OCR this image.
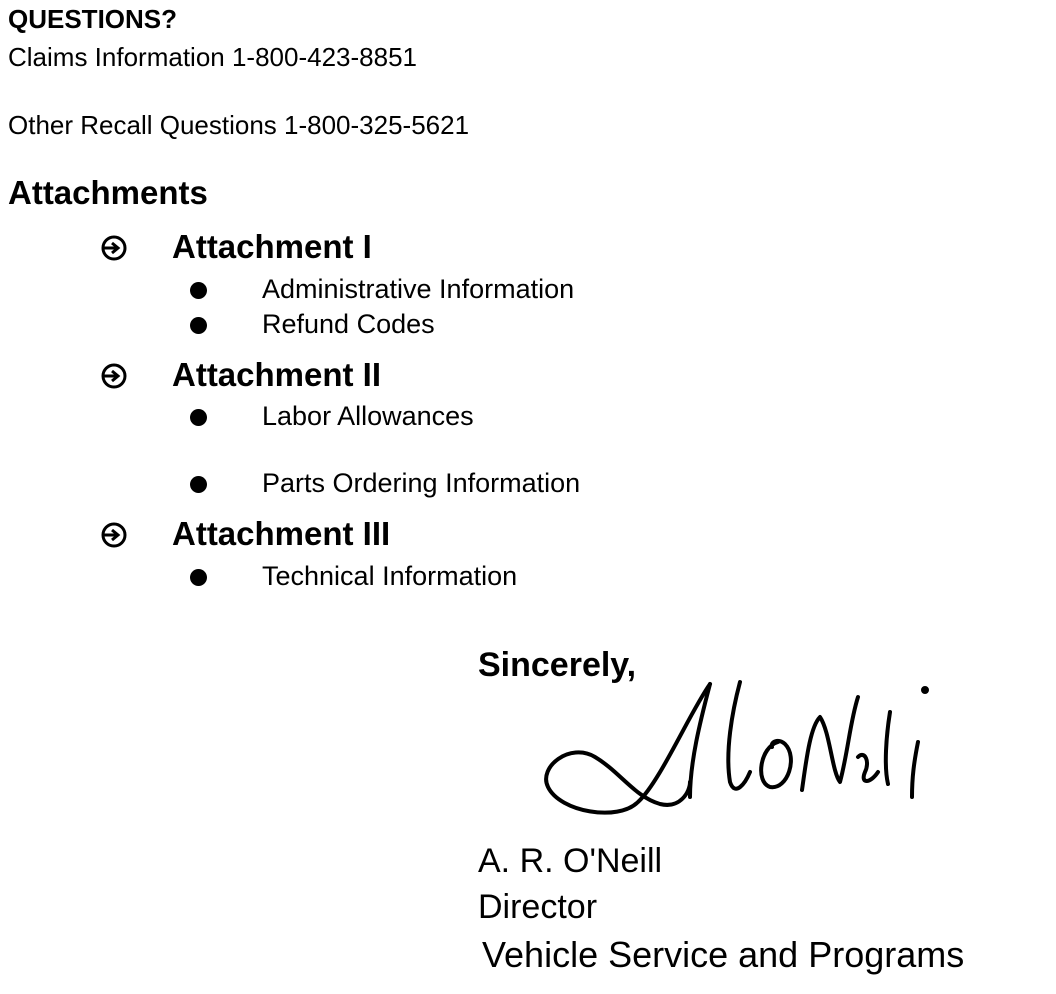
QUESTIONS?
Claims Information 1-800-423-8851
Other Recall Questions 1-800-325-5621
Attachments
Attachment I
Administrative Information
Refund Codes
Attachment II
Labor Allowances
Parts Ordering Information
Attachment III
Technical Information
Sincerely,
A. R. O'Neill
Director
Vehicle Service and Programs
